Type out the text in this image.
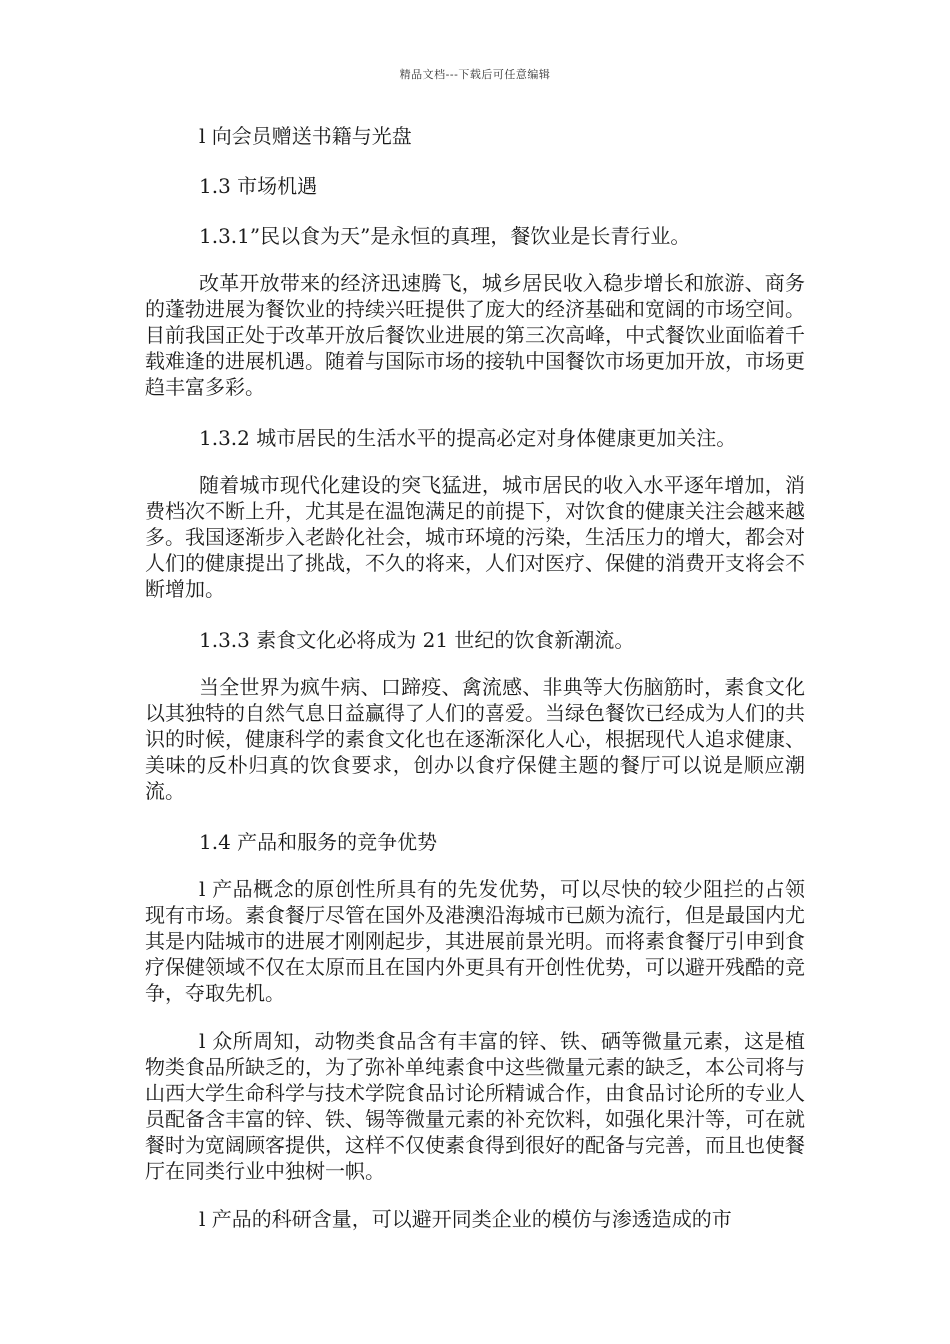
精品文档---下载后可任意编辑
l 向会员赠送书籍与光盘
1.3 市场机遇
1.3.1”民以食为天”是永恒的真理，餐饮业是长青行业。

改革开放带来的经济迅速腾飞，城乡居民收入稳步增长和旅游、商务的蓬勃进展为餐饮业的持续兴旺提供了庞大的经济基础和宽阔的市场空间。目前我国正处于改革开放后餐饮业进展的第三次高峰，中式餐饮业面临着千载难逢的进展机遇。随着与国际市场的接轨中国餐饮市场更加开放，市场更趋丰富多彩。

1.3.2 城市居民的生活水平的提高必定对身体健康更加关注。

随着城市现代化建设的突飞猛进，城市居民的收入水平逐年增加，消费档次不断上升，尤其是在温饱满足的前提下，对饮食的健康关注会越来越多。我国逐渐步入老龄化社会，城市环境的污染，生活压力的增大，都会对人们的健康提出了挑战，不久的将来，人们对医疗、保健的消费开支将会不断增加。

1.3.3 素食文化必将成为 21 世纪的饮食新潮流。

当全世界为疯牛病、口蹄疫、禽流感、非典等大伤脑筋时，素食文化以其独特的自然气息日益赢得了人们的喜爱。当绿色餐饮已经成为人们的共识的时候，健康科学的素食文化也在逐渐深化人心，根据现代人追求健康、美味的反朴归真的饮食要求，创办以食疗保健主题的餐厅可以说是顺应潮流。

1.4 产品和服务的竞争优势

l 产品概念的原创性所具有的先发优势，可以尽快的较少阻拦的占领现有市场。素食餐厅尽管在国外及港澳沿海城市已颇为流行，但是最国内尤其是内陆城市的进展才刚刚起步，其进展前景光明。而将素食餐厅引申到食疗保健领域不仅在太原而且在国内外更具有开创性优势，可以避开残酷的竞争，夺取先机。

l 众所周知，动物类食品含有丰富的锌、铁、硒等微量元素，这是植物类食品所缺乏的，为了弥补单纯素食中这些微量元素的缺乏，本公司将与山西大学生命科学与技术学院食品讨论所精诚合作，由食品讨论所的专业人员配备含丰富的锌、铁、锡等微量元素的补充饮料，如强化果汁等，可在就餐时为宽阔顾客提供，这样不仅使素食得到很好的配备与完善，而且也使餐厅在同类行业中独树一帜。

l 产品的科研含量，可以避开同类企业的模仿与渗透造成的市
